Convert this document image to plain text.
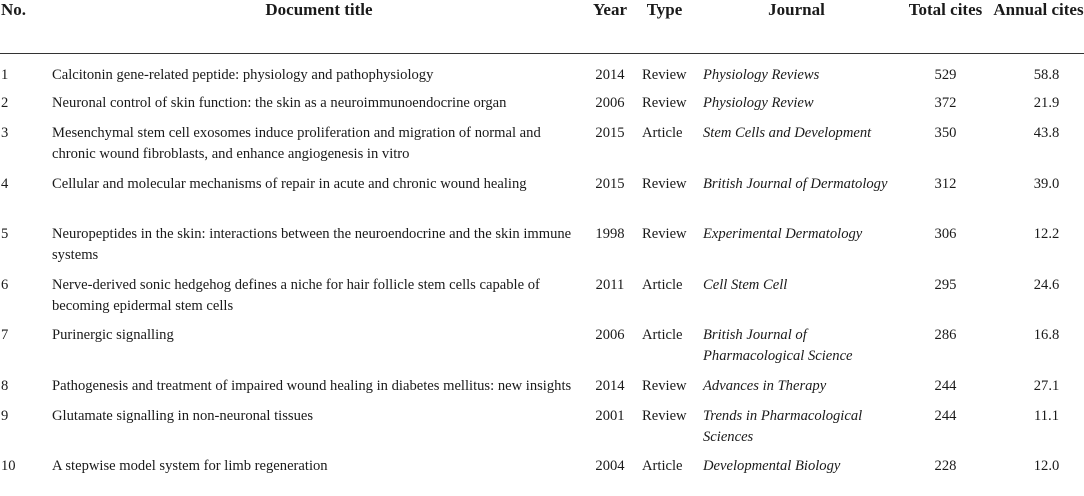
No.	Document title	Year	Type	Journal	Total cites	Annual cites
1	Calcitonin gene-related peptide: physiology and pathophysiology	2014	Review	Physiology Reviews	529	58.8
2	Neuronal control of skin function: the skin as a neuroimmunoendocrine organ	2006	Review	Physiology Review	372	21.9
3	Mesenchymal stem cell exosomes induce proliferation and migration of normal and chronic wound fibroblasts, and enhance angiogenesis in vitro	2015	Article	Stem Cells and Development	350	43.8
4	Cellular and molecular mechanisms of repair in acute and chronic wound healing	2015	Review	British Journal of Dermatology	312	39.0
5	Neuropeptides in the skin: interactions between the neuroendocrine and the skin immune systems	1998	Review	Experimental Dermatology	306	12.2
6	Nerve-derived sonic hedgehog defines a niche for hair follicle stem cells capable of becoming epidermal stem cells	2011	Article	Cell Stem Cell	295	24.6
7	Purinergic signalling	2006	Article	British Journal of Pharmacological Science	286	16.8
8	Pathogenesis and treatment of impaired wound healing in diabetes mellitus: new insights	2014	Review	Advances in Therapy	244	27.1
9	Glutamate signalling in non-neuronal tissues	2001	Review	Trends in Pharmacological Sciences	244	11.1
10	A stepwise model system for limb regeneration	2004	Article	Developmental Biology	228	12.0
